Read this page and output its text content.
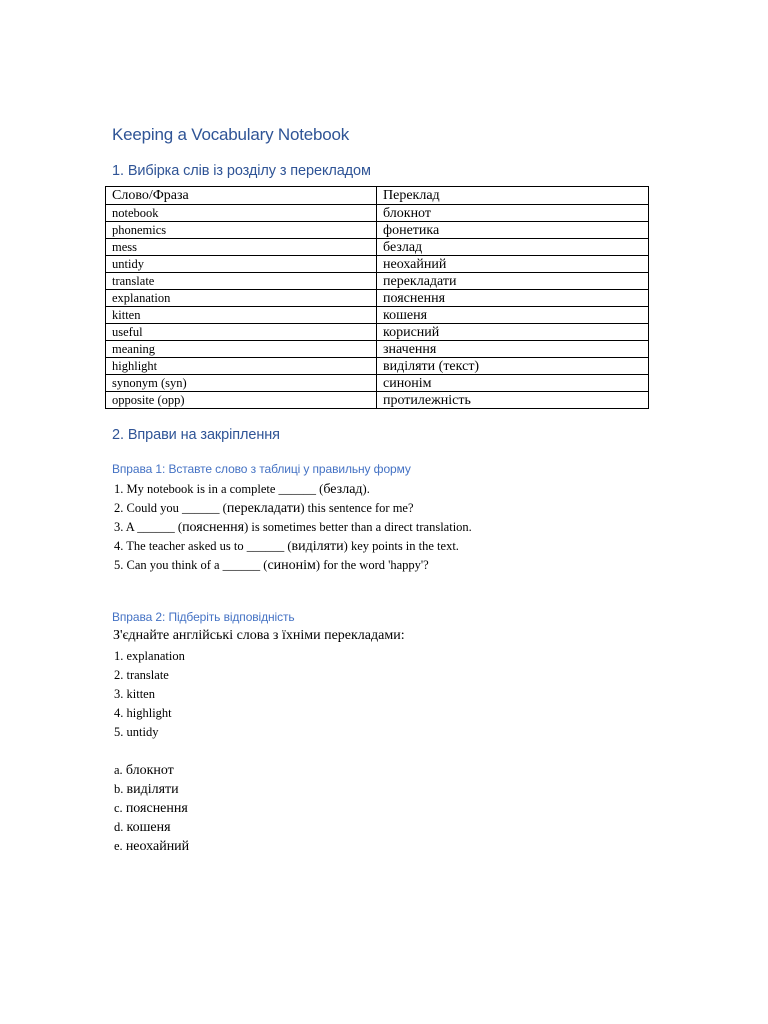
Keeping a Vocabulary Notebook
1. Вибірка слів із розділу з перекладом
Слово/Фраза	Переклад
notebook	блокнот
phonemics	фонетика
mess	безлад
untidy	неохайний
translate	перекладати
explanation	пояснення
kitten	кошеня
useful	корисний
meaning	значення
highlight	виділяти (текст)
synonym (syn)	синонім
opposite (opp)	протилежність
2. Вправи на закріплення
Вправа 1: Вставте слово з таблиці у правильну форму
1. My notebook is in a complete ______ (безлад).
2. Could you ______ (перекладати) this sentence for me?
3. A ______ (пояснення) is sometimes better than a direct translation.
4. The teacher asked us to ______ (виділяти) key points in the text.
5. Can you think of a ______ (синонім) for the word 'happy'?
Вправа 2: Підберіть відповідність
З'єднайте англійські слова з їхніми перекладами:
1. explanation
2. translate
3. kitten
4. highlight
5. untidy
a. блокнот
b. виділяти
c. пояснення
d. кошеня
e. неохайний
